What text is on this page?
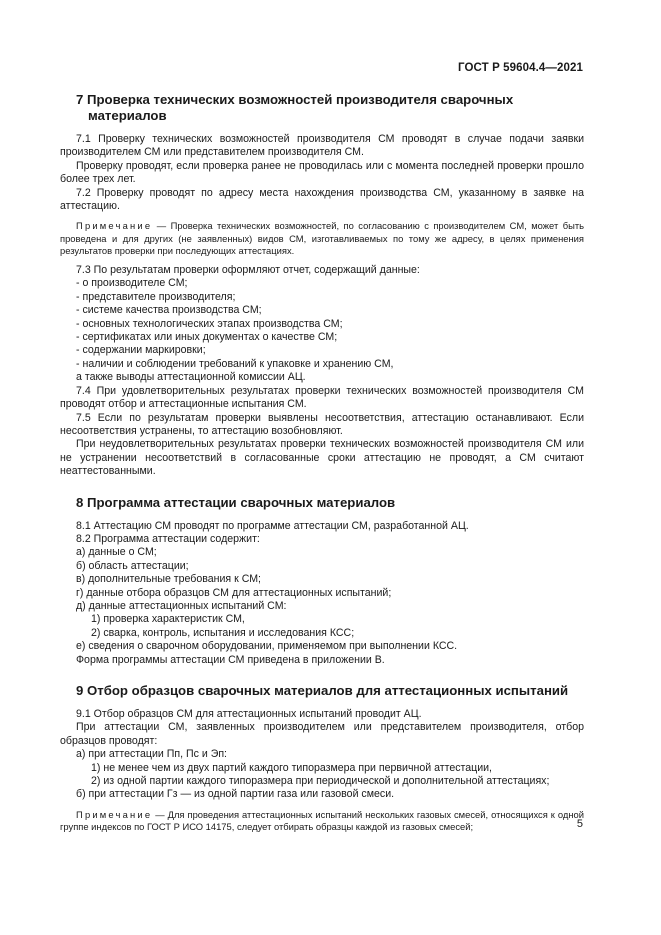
ГОСТ Р 59604.4—2021
7 Проверка технических возможностей производителя сварочных
материалов

7.1 Проверку технических возможностей производителя СМ проводят в случае подачи заявки производителем СМ или представителем производителя СМ.

Проверку проводят, если проверка ранее не проводилась или с момента последней проверки прошло более трех лет.

7.2 Проверку проводят по адресу места нахождения производства СМ, указанному в заявке на аттестацию.

Примечание — Проверка технических возможностей, по согласованию с производителем СМ, может быть проведена и для других (не заявленных) видов СМ, изготавливаемых по тому же адресу, в целях применения результатов проверки при последующих аттестациях.

7.3 По результатам проверки оформляют отчет, содержащий данные:

- о производителе СМ;

- представителе производителя;

- системе качества производства СМ;

- основных технологических этапах производства СМ;

- сертификатах или иных документах о качестве СМ;

- содержании маркировки;

- наличии и соблюдении требований к упаковке и хранению СМ,

а также выводы аттестационной комиссии АЦ.

7.4 При удовлетворительных результатах проверки технических возможностей производителя СМ проводят отбор и аттестационные испытания СМ.

7.5 Если по результатам проверки выявлены несоответствия, аттестацию останавливают. Если несоответствия устранены, то аттестацию возобновляют.

При неудовлетворительных результатах проверки технических возможностей производителя СМ или не устранении несоответствий в согласованные сроки аттестацию не проводят, а СМ считают неаттестованными.

8 Программа аттестации сварочных материалов

8.1 Аттестацию СМ проводят по программе аттестации СМ, разработанной АЦ.

8.2 Программа аттестации содержит:

а) данные о СМ;

б) область аттестации;

в) дополнительные требования к СМ;

г) данные отбора образцов СМ для аттестационных испытаний;

д) данные аттестационных испытаний СМ:

1) проверка характеристик СМ,

2) сварка, контроль, испытания и исследования КСС;

е) сведения о сварочном оборудовании, применяемом при выполнении КСС.

Форма программы аттестации СМ приведена в приложении В.

9 Отбор образцов сварочных материалов для аттестационных испытаний

9.1 Отбор образцов СМ для аттестационных испытаний проводит АЦ.

При аттестации СМ, заявленных производителем или представителем производителя, отбор образцов проводят:

а) при аттестации Пп, Пс и Эп:

1) не менее чем из двух партий каждого типоразмера при первичной аттестации,

2) из одной партии каждого типоразмера при периодической и дополнительной аттестациях;

б) при аттестации Гз — из одной партии газа или газовой смеси.

Примечание — Для проведения аттестационных испытаний нескольких газовых смесей, относящихся к одной группе индексов по ГОСТ Р ИСО 14175, следует отбирать образцы каждой из газовых смесей;	5
